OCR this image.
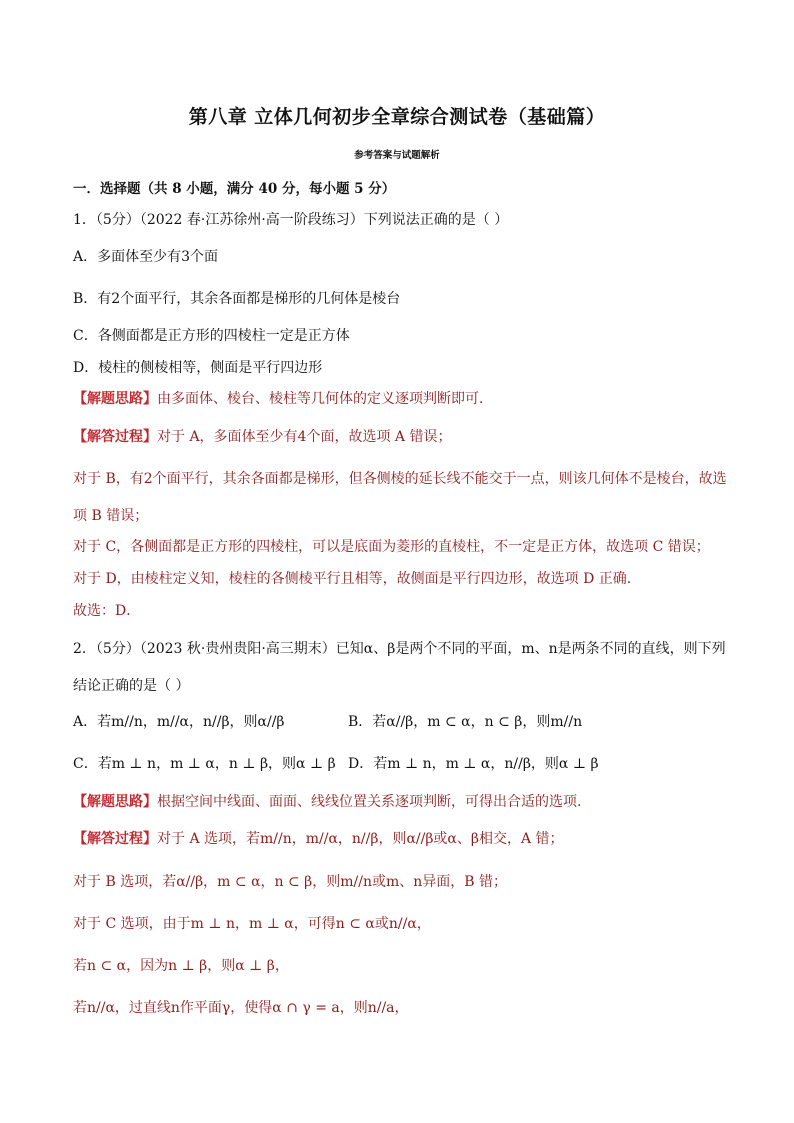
第八章 立体几何初步全章综合测试卷（基础篇）
参考答案与试题解析
一．选择题（共 8 小题，满分 40 分，每小题 5 分）
1．（5分）（2022 春·江苏徐州·高一阶段练习）下列说法正确的是（ ）
A．多面体至少有3个面
B．有2个面平行，其余各面都是梯形的几何体是棱台
C．各侧面都是正方形的四棱柱一定是正方体
D．棱柱的侧棱相等，侧面是平行四边形
【解题思路】由多面体、棱台、棱柱等几何体的定义逐项判断即可．
【解答过程】对于 A，多面体至少有4个面，故选项 A 错误；
对于 B，有2个面平行，其余各面都是梯形，但各侧棱的延长线不能交于一点，则该几何体不是棱台，故选
项 B 错误；
对于 C，各侧面都是正方形的四棱柱，可以是底面为菱形的直棱柱，不一定是正方体，故选项 C 错误；
对于 D，由棱柱定义知，棱柱的各侧棱平行且相等，故侧面是平行四边形，故选项 D 正确.
故选：D．
2．（5分）（2023 秋·贵州贵阳·高三期末）已知α、β是两个不同的平面，m、n是两条不同的直线，则下列
结论正确的是（ ）
A．若m//n，m//α，n//β，则α//β	B．若α//β，m ⊂ α，n ⊂ β，则m//n
C．若m ⊥ n，m ⊥ α，n ⊥ β，则α ⊥ β D．若m ⊥ n，m ⊥ α，n//β，则α ⊥ β
【解题思路】根据空间中线面、面面、线线位置关系逐项判断，可得出合适的选项.
【解答过程】对于 A 选项，若m//n，m//α，n//β，则α//β或α、β相交，A 错；
对于 B 选项，若α//β，m ⊂ α，n ⊂ β，则m//n或m、n异面，B 错；
对于 C 选项，由于m ⊥ n，m ⊥ α，可得n ⊂ α或n//α，
若n ⊂ α，因为n ⊥ β，则α ⊥ β，
若n//α，过直线n作平面γ，使得α ∩ γ = a，则n//a，
